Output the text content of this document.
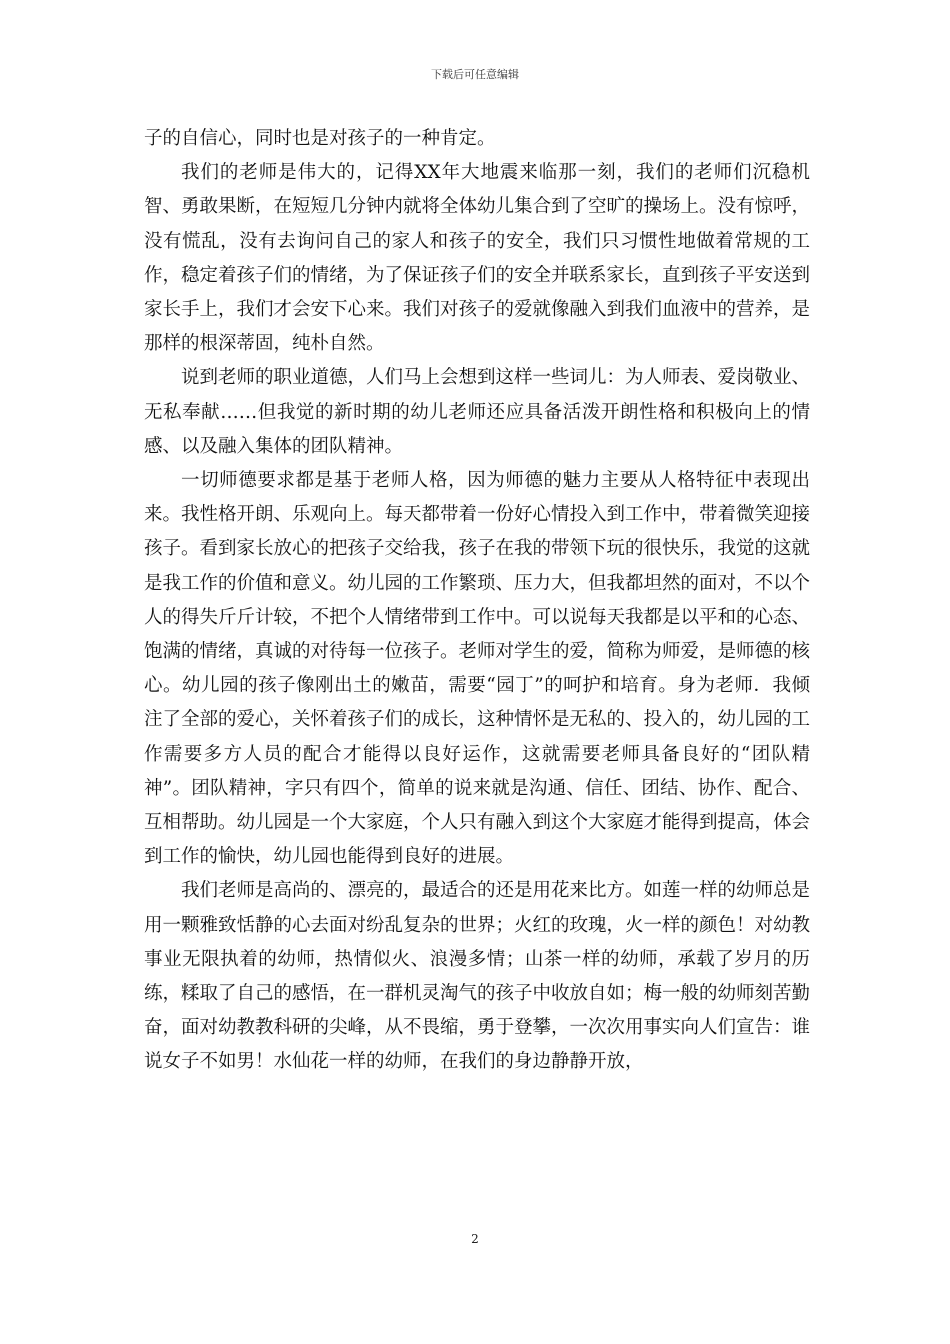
下载后可任意编辑

子的自信心，同时也是对孩子的一种肯定。

我们的老师是伟大的，记得XX年大地震来临那一刻，我们的老师们沉稳机智、勇敢果断，在短短几分钟内就将全体幼儿集合到了空旷的操场上。没有惊呼，没有慌乱，没有去询问自己的家人和孩子的安全，我们只习惯性地做着常规的工作，稳定着孩子们的情绪，为了保证孩子们的安全并联系家长，直到孩子平安送到家长手上，我们才会安下心来。我们对孩子的爱就像融入到我们血液中的营养，是那样的根深蒂固，纯朴自然。

说到老师的职业道德，人们马上会想到这样一些词儿：为人师表、爱岗敬业、无私奉献……但我觉的新时期的幼儿老师还应具备活泼开朗性格和积极向上的情感、以及融入集体的团队精神。

一切师德要求都是基于老师人格，因为师德的魅力主要从人格特征中表现出来。我性格开朗、乐观向上。每天都带着一份好心情投入到工作中，带着微笑迎接孩子。看到家长放心的把孩子交给我，孩子在我的带领下玩的很快乐，我觉的这就是我工作的价值和意义。幼儿园的工作繁琐、压力大，但我都坦然的面对，不以个人的得失斤斤计较，不把个人情绪带到工作中。可以说每天我都是以平和的心态、饱满的情绪，真诚的对待每一位孩子。老师对学生的爱，简称为师爱，是师德的核心。幼儿园的孩子像刚出土的嫩苗，需要“园丁”的呵护和培育。身为老师．我倾注了全部的爱心，关怀着孩子们的成长，这种情怀是无私的、投入的，幼儿园的工作需要多方人员的配合才能得以良好运作，这就需要老师具备良好的“团队精神”。团队精神，字只有四个，简单的说来就是沟通、信任、团结、协作、配合、互相帮助。幼儿园是一个大家庭，个人只有融入到这个大家庭才能得到提高，体会到工作的愉快，幼儿园也能得到良好的进展。

我们老师是高尚的、漂亮的，最适合的还是用花来比方。如莲一样的幼师总是用一颗雅致恬静的心去面对纷乱复杂的世界；火红的玫瑰，火一样的颜色！对幼教事业无限执着的幼师，热情似火、浪漫多情；山茶一样的幼师，承载了岁月的历练，糅取了自己的感悟，在一群机灵淘气的孩子中收放自如；梅一般的幼师刻苦勤奋，面对幼教教科研的尖峰，从不畏缩，勇于登攀，一次次用事实向人们宣告：谁说女子不如男！水仙花一样的幼师，在我们的身边静静开放，

2
